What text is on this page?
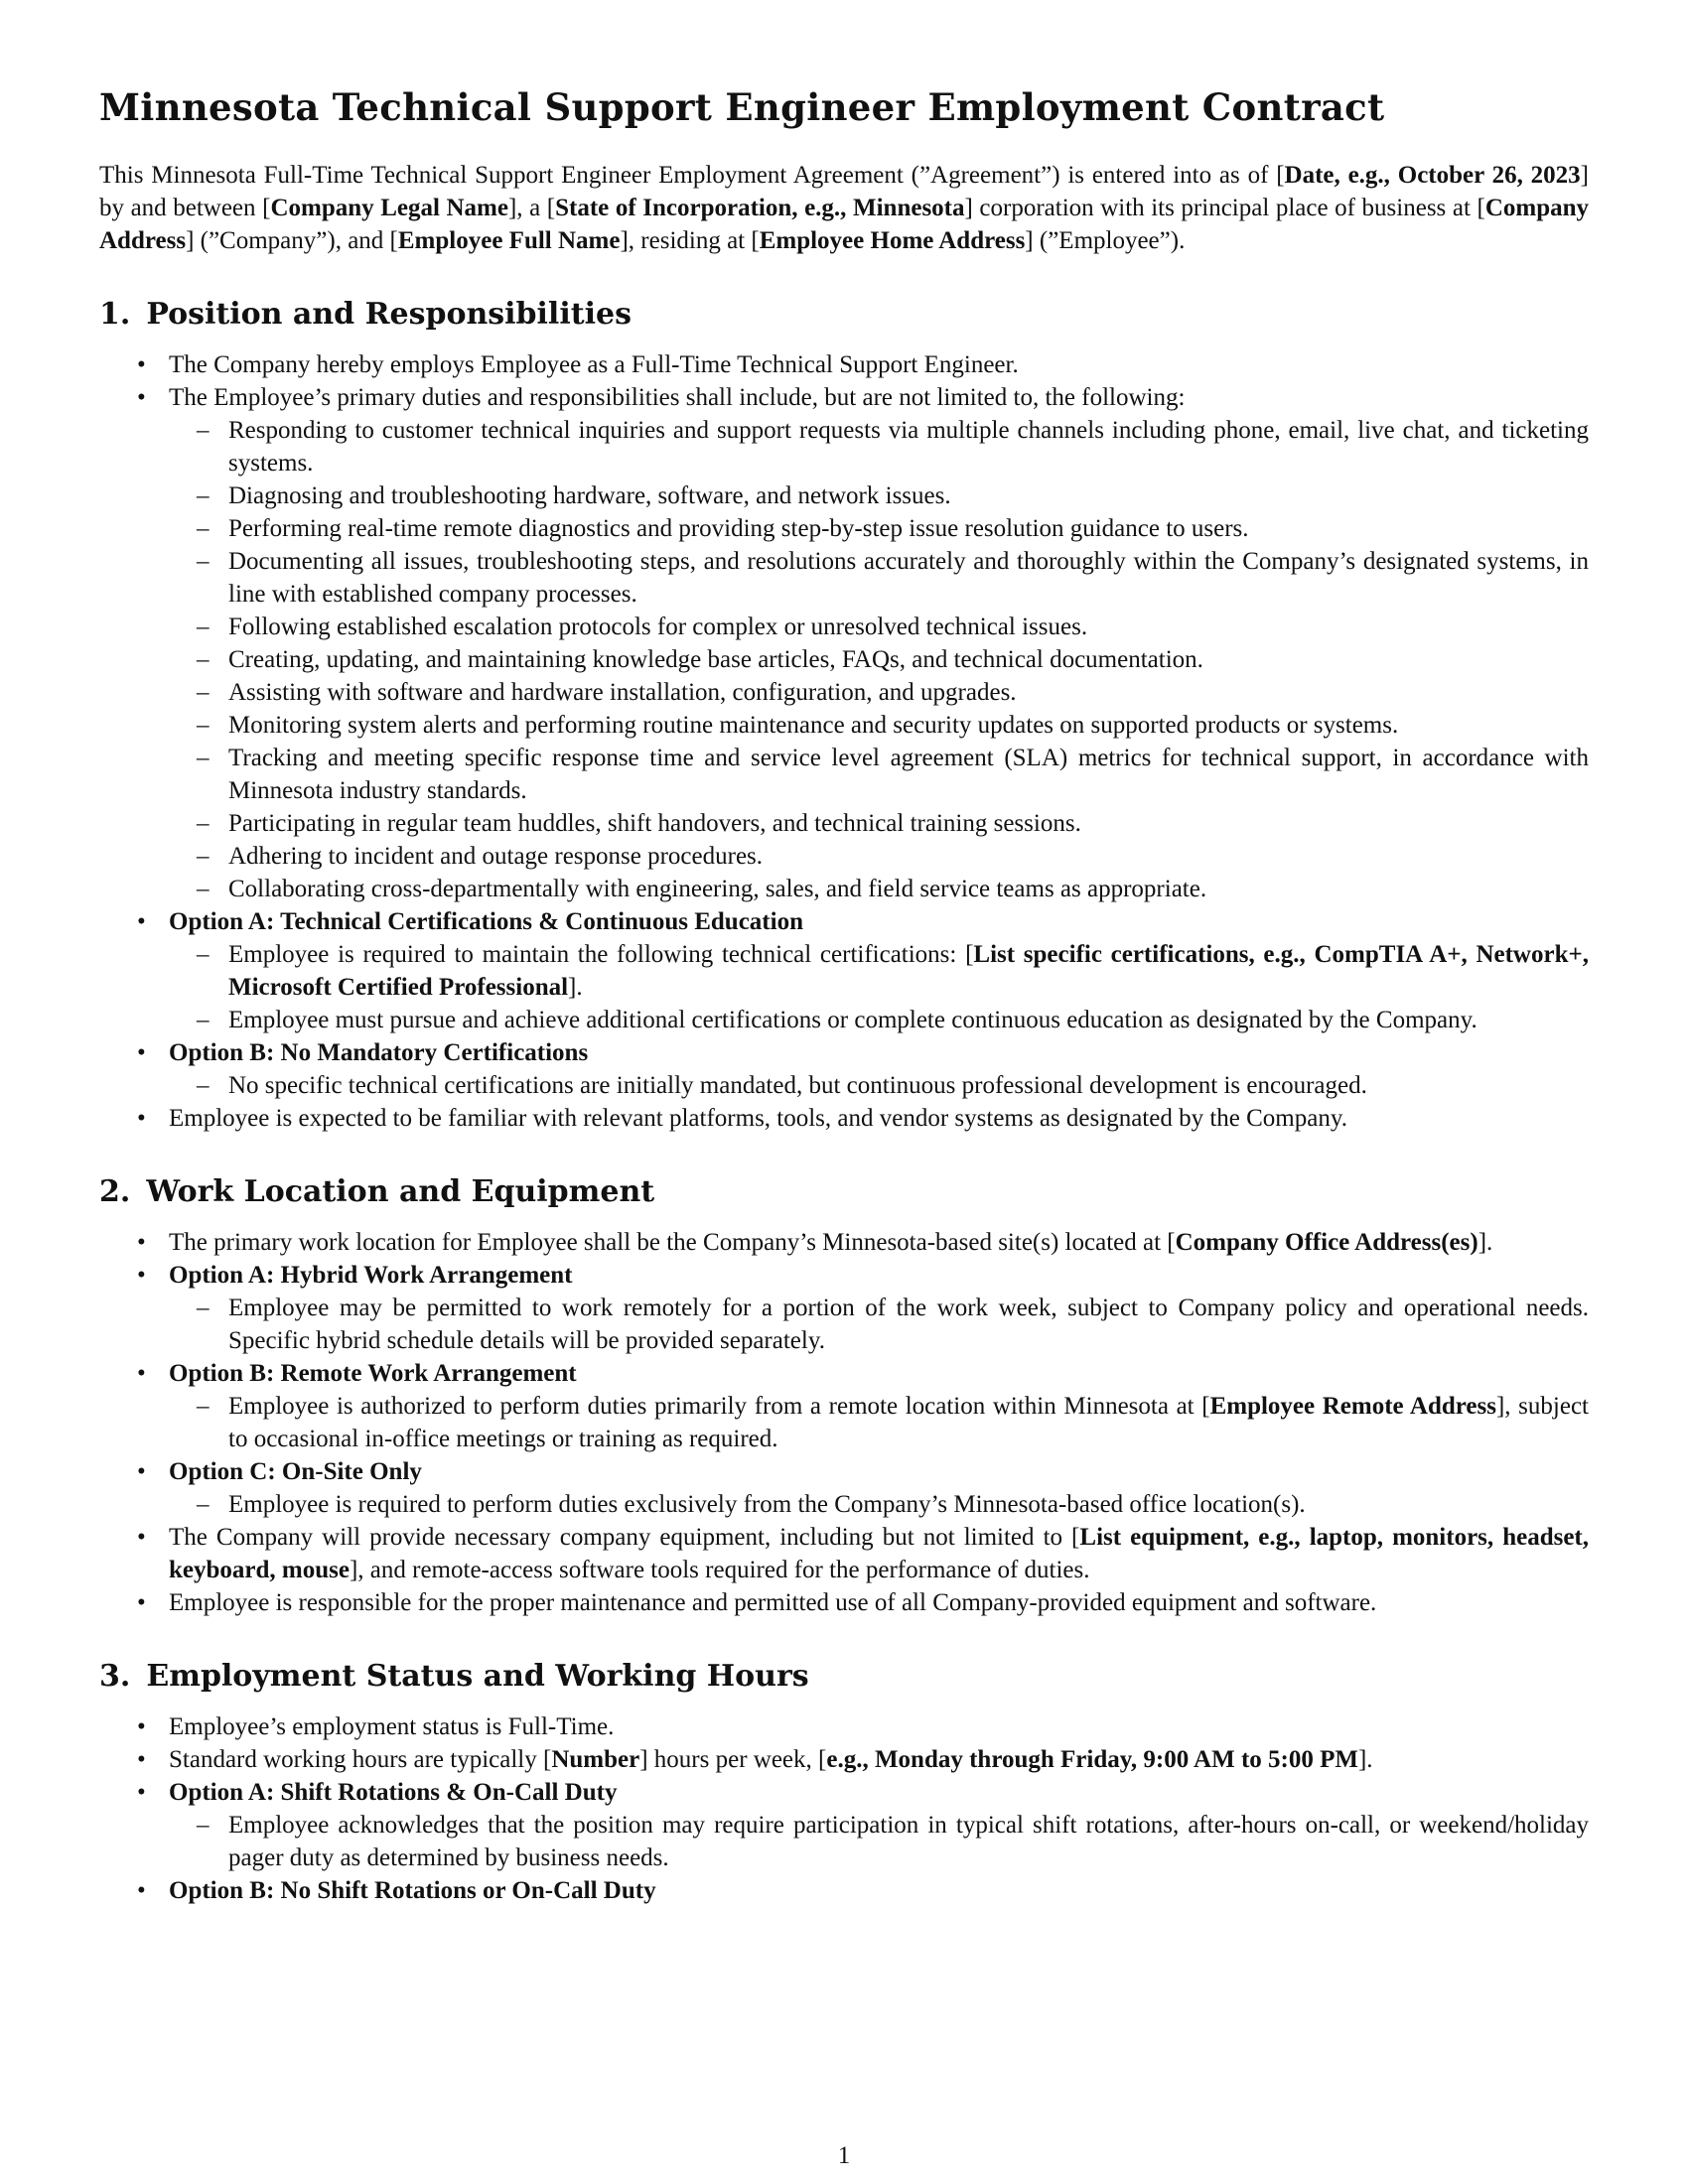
Minnesota Technical Support Engineer Employment Contract

This Minnesota Full-Time Technical Support Engineer Employment Agreement (”Agreement”) is entered into as of [Date, e.g., October 26, 2023] by and between [Company Legal Name], a [State of Incorporation, e.g., Minnesota] corporation with its principal place of business at [Company Address] (”Company”), and [Employee Full Name], residing at [Employee Home Address] (”Employee”).

1. Position and Responsibilities
• The Company hereby employs Employee as a Full-Time Technical Support Engineer.
• The Employee’s primary duties and responsibilities shall include, but are not limited to, the following:
– Responding to customer technical inquiries and support requests via multiple channels including phone, email, live chat, and ticketing systems.
– Diagnosing and troubleshooting hardware, software, and network issues.
– Performing real-time remote diagnostics and providing step-by-step issue resolution guidance to users.
– Documenting all issues, troubleshooting steps, and resolutions accurately and thoroughly within the Company’s designated systems, in line with established company processes.
– Following established escalation protocols for complex or unresolved technical issues.
– Creating, updating, and maintaining knowledge base articles, FAQs, and technical documentation.
– Assisting with software and hardware installation, configuration, and upgrades.
– Monitoring system alerts and performing routine maintenance and security updates on supported products or systems.
– Tracking and meeting specific response time and service level agreement (SLA) metrics for technical support, in accordance with Minnesota industry standards.
– Participating in regular team huddles, shift handovers, and technical training sessions.
– Adhering to incident and outage response procedures.
– Collaborating cross-departmentally with engineering, sales, and field service teams as appropriate.
• Option A: Technical Certifications & Continuous Education
– Employee is required to maintain the following technical certifications: [List specific certifications, e.g., CompTIA A+, Network+, Microsoft Certified Professional].
– Employee must pursue and achieve additional certifications or complete continuous education as designated by the Company.
• Option B: No Mandatory Certifications
– No specific technical certifications are initially mandated, but continuous professional development is encouraged.
• Employee is expected to be familiar with relevant platforms, tools, and vendor systems as designated by the Company.
2. Work Location and Equipment
• The primary work location for Employee shall be the Company’s Minnesota-based site(s) located at [Company Office Address(es)].
• Option A: Hybrid Work Arrangement
– Employee may be permitted to work remotely for a portion of the work week, subject to Company policy and operational needs. Specific hybrid schedule details will be provided separately.
• Option B: Remote Work Arrangement
– Employee is authorized to perform duties primarily from a remote location within Minnesota at [Employee Remote Address], subject to occasional in-office meetings or training as required.
• Option C: On-Site Only
– Employee is required to perform duties exclusively from the Company’s Minnesota-based office location(s).
• The Company will provide necessary company equipment, including but not limited to [List equipment, e.g., laptop, monitors, headset, keyboard, mouse], and remote-access software tools required for the performance of duties.
• Employee is responsible for the proper maintenance and permitted use of all Company-provided equipment and software.
3. Employment Status and Working Hours
• Employee’s employment status is Full-Time.
• Standard working hours are typically [Number] hours per week, [e.g., Monday through Friday, 9:00 AM to 5:00 PM].
• Option A: Shift Rotations & On-Call Duty
– Employee acknowledges that the position may require participation in typical shift rotations, after-hours on-call, or weekend/holiday pager duty as determined by business needs.
• Option B: No Shift Rotations or On-Call Duty
1
